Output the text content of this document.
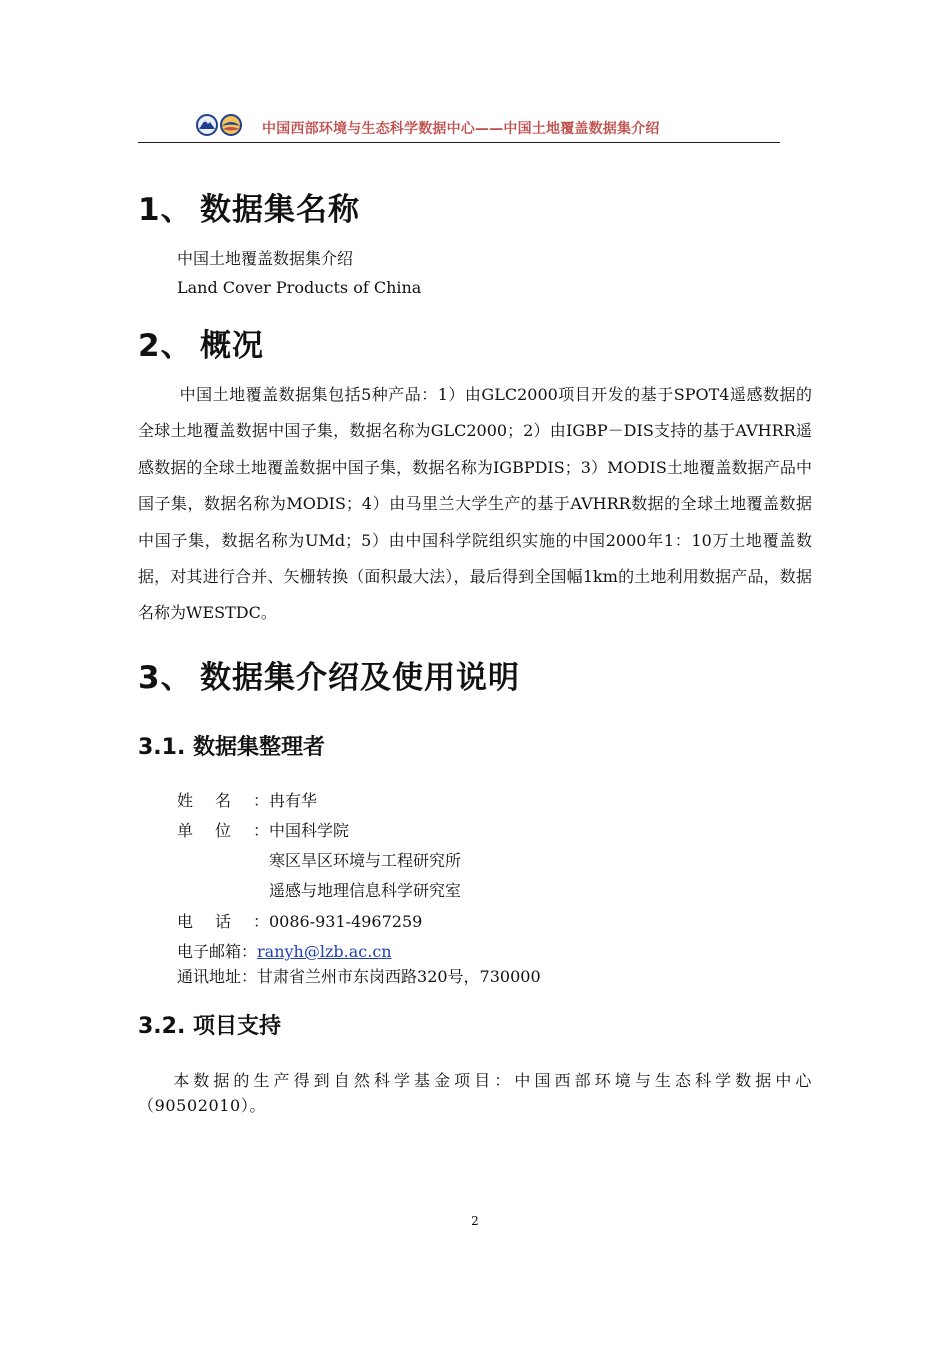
中国西部环境与生态科学数据中心——中国土地覆盖数据集介绍
1、 数据集名称
中国土地覆盖数据集介绍
Land Cover Products of China
2、 概况

中国土地覆盖数据集包括5种产品：1）由GLC2000项目开发的基于SPOT4遥感数据的全球土地覆盖数据中国子集，数据名称为GLC2000；2）由IGBP－DIS支持的基于AVHRR遥感数据的全球土地覆盖数据中国子集，数据名称为IGBPDIS；3）MODIS土地覆盖数据产品中国子集，数据名称为MODIS；4）由马里兰大学生产的基于AVHRR数据的全球土地覆盖数据中国子集，数据名称为UMd；5）由中国科学院组织实施的中国2000年1：10万土地覆盖数据，对其进行合并、矢栅转换（面积最大法），最后得到全国幅1km的土地利用数据产品，数据名称为WESTDC。

3、 数据集介绍及使用说明
3.1. 数据集整理者
姓名：冉有华
单位：中国科学院
寒区旱区环境与工程研究所
遥感与地理信息科学研究室
电话：0086-931-4967259
电子邮箱：ranyh@lzb.ac.cn
通讯地址：甘肃省兰州市东岗西路320号，730000
3.2. 项目支持

本数据的生产得到自然科学基金项目：中国西部环境与生态科学数据中心（90502010）。

2
